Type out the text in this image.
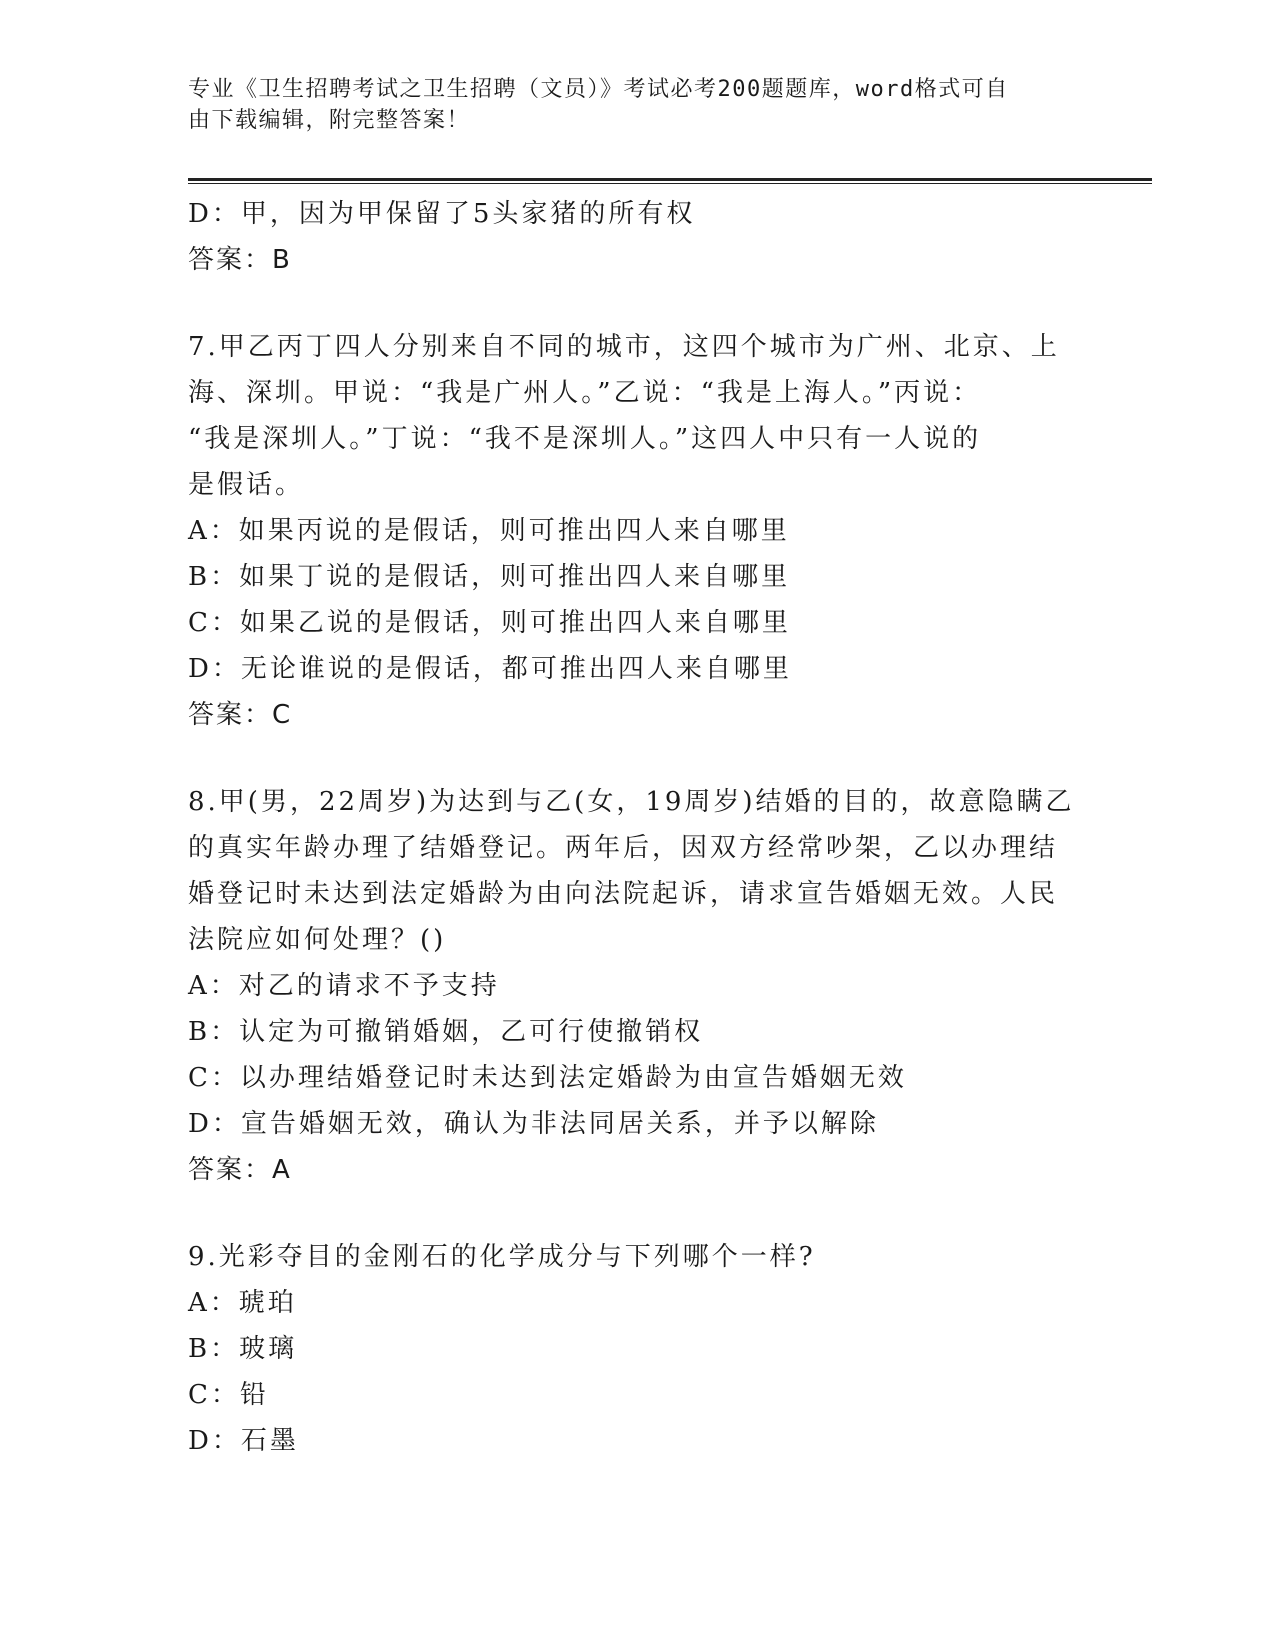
专业《卫生招聘考试之卫生招聘（文员）》考试必考200题题库，word格式可自
由下载编辑，附完整答案！
D：甲，因为甲保留了5头家猪的所有权
答案：B
7.甲乙丙丁四人分别来自不同的城市，这四个城市为广州、北京、上
海、深圳。甲说：“我是广州人。”乙说：“我是上海人。”丙说：
“我是深圳人。”丁说：“我不是深圳人。”这四人中只有一人说的
是假话。
A：如果丙说的是假话，则可推出四人来自哪里
B：如果丁说的是假话，则可推出四人来自哪里
C：如果乙说的是假话，则可推出四人来自哪里
D：无论谁说的是假话，都可推出四人来自哪里
答案：C
8.甲(男，22周岁)为达到与乙(女，19周岁)结婚的目的，故意隐瞒乙
的真实年龄办理了结婚登记。两年后，因双方经常吵架，乙以办理结
婚登记时未达到法定婚龄为由向法院起诉，请求宣告婚姻无效。人民
法院应如何处理？()
A：对乙的请求不予支持
B：认定为可撤销婚姻，乙可行使撤销权
C：以办理结婚登记时未达到法定婚龄为由宣告婚姻无效
D：宣告婚姻无效，确认为非法同居关系，并予以解除
答案：A
9.光彩夺目的金刚石的化学成分与下列哪个一样?
A：琥珀
B：玻璃
C：铅
D：石墨
